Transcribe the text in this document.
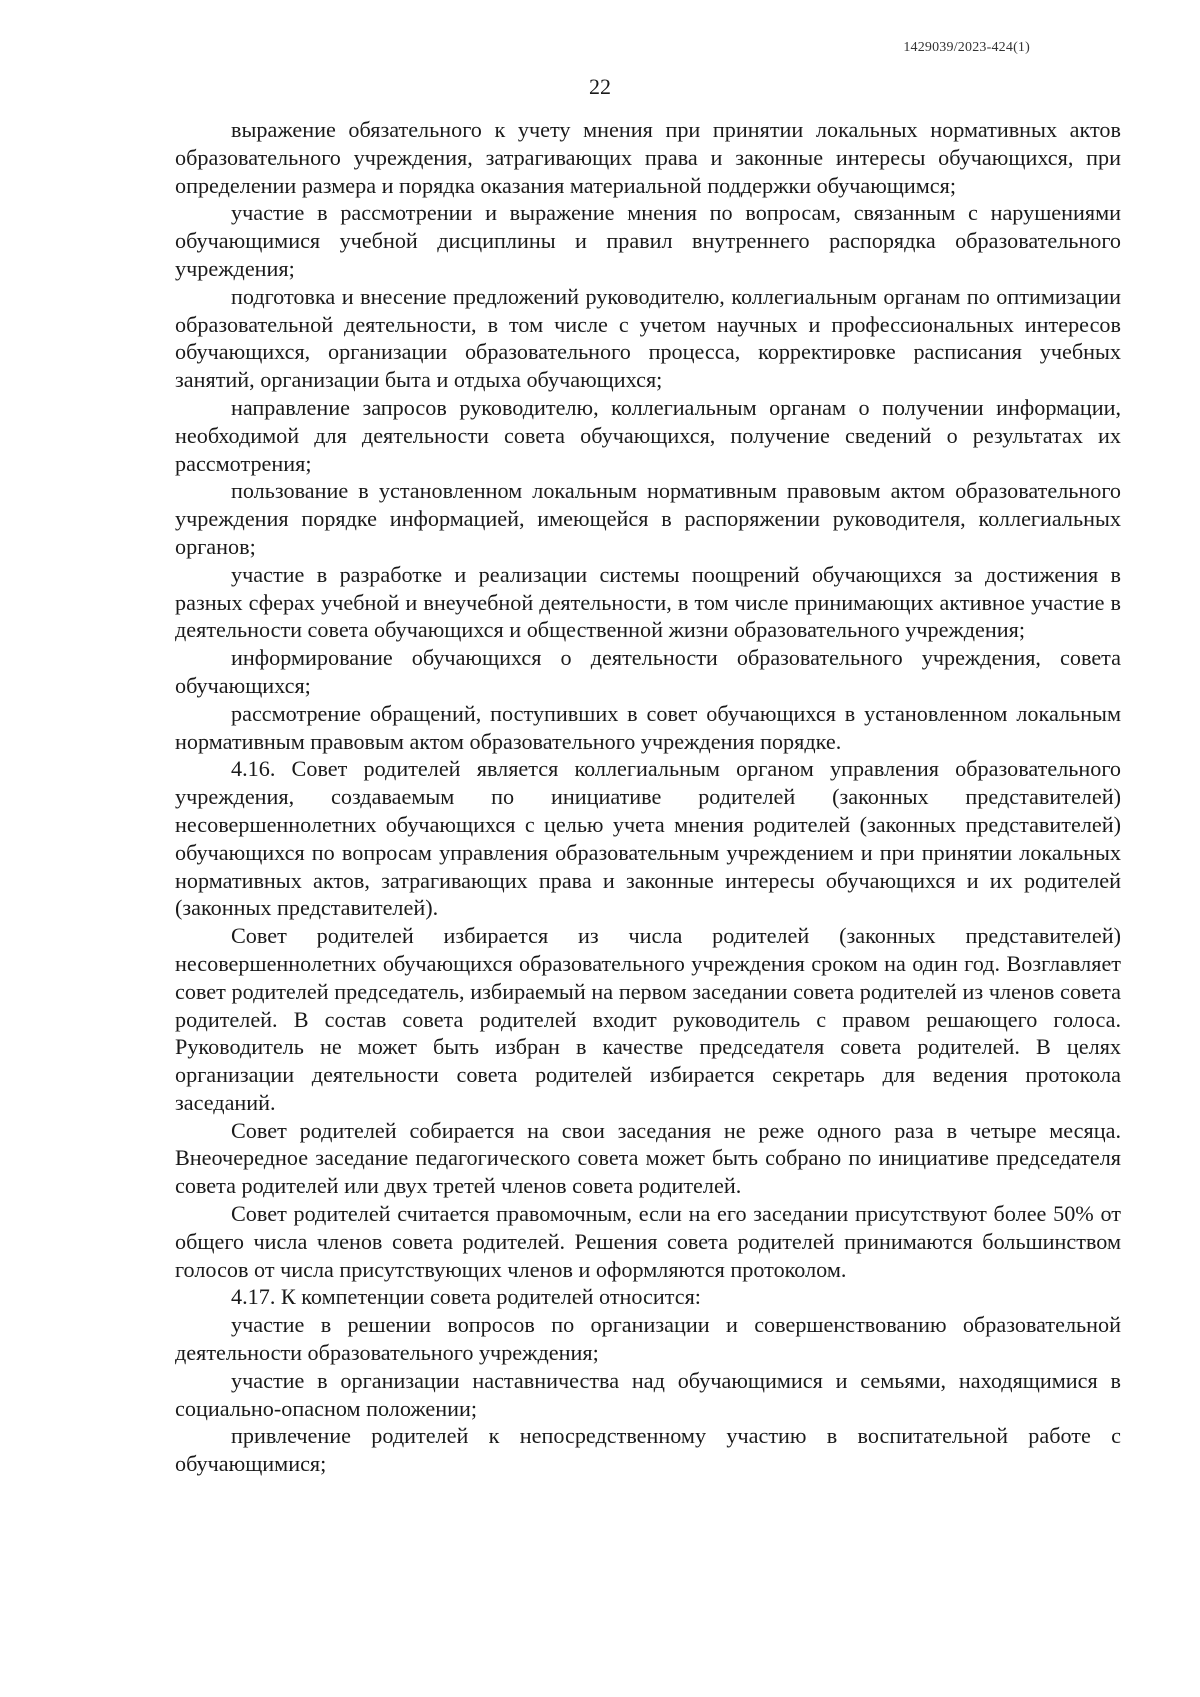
1429039/2023-424(1)
22

выражение обязательного к учету мнения при принятии локальных нормативных актов образовательного учреждения, затрагивающих права и законные интересы обучающихся, при определении размера и порядка оказания материальной поддержки обучающимся;

участие в рассмотрении и выражение мнения по вопросам, связанным с нарушениями обучающимися учебной дисциплины и правил внутреннего распорядка образовательного учреждения;

подготовка и внесение предложений руководителю, коллегиальным органам по оптимизации образовательной деятельности, в том числе с учетом научных и профессиональных интересов обучающихся, организации образовательного процесса, корректировке расписания учебных занятий, организации быта и отдыха обучающихся;

направление запросов руководителю, коллегиальным органам о получении информации, необходимой для деятельности совета обучающихся, получение сведений о результатах их рассмотрения;

пользование в установленном локальным нормативным правовым актом образовательного учреждения порядке информацией, имеющейся в распоряжении руководителя, коллегиальных органов;

участие в разработке и реализации системы поощрений обучающихся за достижения в разных сферах учебной и внеучебной деятельности, в том числе принимающих активное участие в деятельности совета обучающихся и общественной жизни образовательного учреждения;

информирование обучающихся о деятельности образовательного учреждения, совета обучающихся;

рассмотрение обращений, поступивших в совет обучающихся в установленном локальным нормативным правовым актом образовательного учреждения порядке.

4.16. Совет родителей является коллегиальным органом управления образовательного учреждения, создаваемым по инициативе родителей (законных представителей) несовершеннолетних обучающихся с целью учета мнения родителей (законных представителей) обучающихся по вопросам управления образовательным учреждением и при принятии локальных нормативных актов, затрагивающих права и законные интересы обучающихся и их родителей (законных представителей).

Совет родителей избирается из числа родителей (законных представителей) несовершеннолетних обучающихся образовательного учреждения сроком на один год. Возглавляет совет родителей председатель, избираемый на первом заседании совета родителей из членов совета родителей. В состав совета родителей входит руководитель с правом решающего голоса. Руководитель не может быть избран в качестве председателя совета родителей. В целях организации деятельности совета родителей избирается секретарь для ведения протокола заседаний.

Совет родителей собирается на свои заседания не реже одного раза в четыре месяца. Внеочередное заседание педагогического совета может быть собрано по инициативе председателя совета родителей или двух третей членов совета родителей.

Совет родителей считается правомочным, если на его заседании присутствуют более 50% от общего числа членов совета родителей. Решения совета родителей принимаются большинством голосов от числа присутствующих членов и оформляются протоколом.

4.17. К компетенции совета родителей относится:

участие в решении вопросов по организации и совершенствованию образовательной деятельности образовательного учреждения;

участие в организации наставничества над обучающимися и семьями, находящимися в социально-опасном положении;

привлечение родителей к непосредственному участию в воспитательной работе с обучающимися;
